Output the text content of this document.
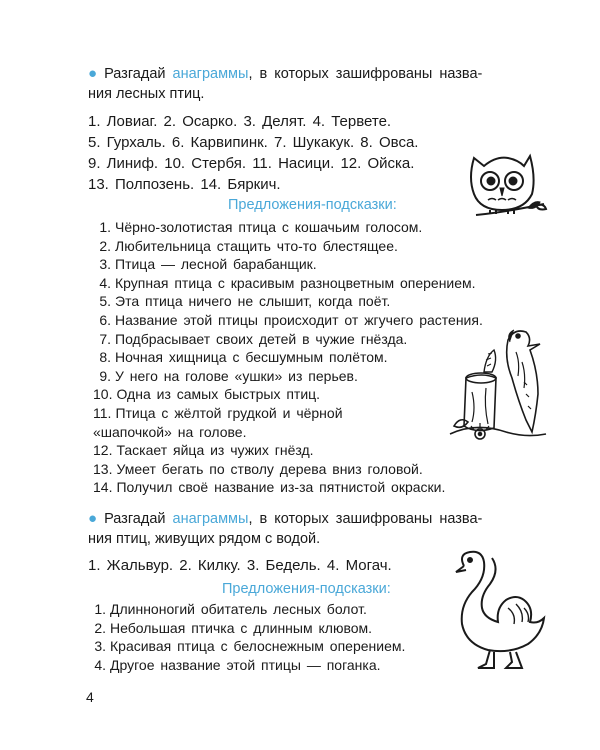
● Разгадай анаграммы, в которых зашифрованы назва-
ния лесных птиц.
1. Ловиаг. 2. Осарко. 3. Делят. 4. Тервете.
5. Гурхаль. 6. Карвипинк. 7. Шукакук. 8. Овса.
9. Линиф. 10. Стербя. 11. Насици. 12. Ойска.
13. Полпозень. 14. Бяркич.
Предложения-подсказки:
1. Чёрно-золотистая птица с кошачьим голосом.
2. Любительница стащить что-то блестящее.
3. Птица — лесной барабанщик.
4. Крупная птица с красивым разноцветным оперением.
5. Эта птица ничего не слышит, когда поёт.
6. Название этой птицы происходит от жгучего растения.
7. Подбрасывает своих детей в чужие гнёзда.
8. Ночная хищница с бесшумным полётом.
9. У него на голове «ушки» из перьев.
10. Одна из самых быстрых птиц.
11. Птица с жёлтой грудкой и чёрной
«шапочкой» на голове.
12. Таскает яйца из чужих гнёзд.
13. Умеет бегать по стволу дерева вниз головой.
14. Получил своё название из-за пятнистой окраски.
● Разгадай анаграммы, в которых зашифрованы назва-
ния птиц, живущих рядом с водой.
1. Жальвур. 2. Килку. 3. Бедель. 4. Могач.
Предложения-подсказки:
1. Длинноногий обитатель лесных болот.
2. Небольшая птичка с длинным клювом.
3. Красивая птица с белоснежным оперением.
4. Другое название этой птицы — поганка.
4
